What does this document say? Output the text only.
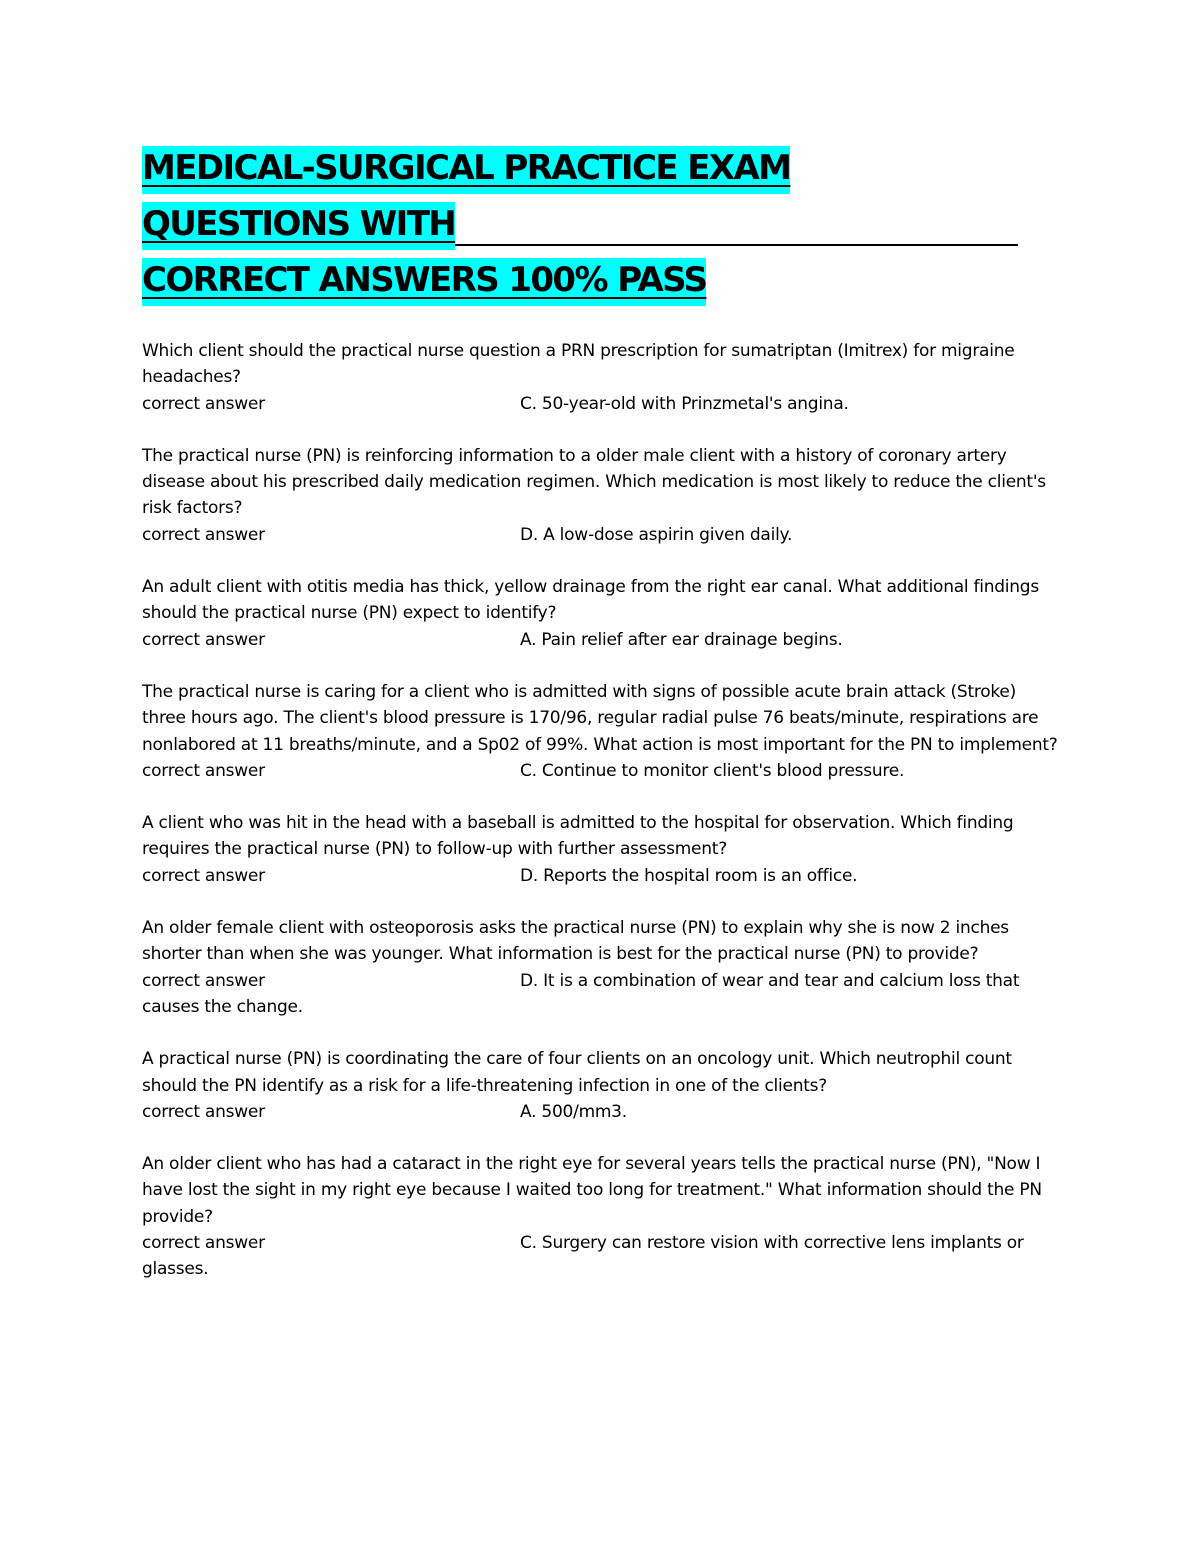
MEDICAL-SURGICAL PRACTICE EXAM
QUESTIONS WITH
CORRECT ANSWERS 100% PASS

Which client should the practical nurse question a PRN prescription for sumatriptan (Imitrex) for migraine headaches?

correct answer	C. 50-year-old with Prinzmetal's angina.

The practical nurse (PN) is reinforcing information to a older male client with a history of coronary artery disease about his prescribed daily medication regimen. Which medication is most likely to reduce the client's risk factors?

correct answer	D. A low-dose aspirin given daily.

An adult client with otitis media has thick, yellow drainage from the right ear canal. What additional findings should the practical nurse (PN) expect to identify?

correct answer	A. Pain relief after ear drainage begins.

The practical nurse is caring for a client who is admitted with signs of possible acute brain attack (Stroke) three hours ago. The client's blood pressure is 170/96, regular radial pulse 76 beats/minute, respirations are nonlabored at 11 breaths/minute, and a Sp02 of 99%. What action is most important for the PN to implement?

correct answer	C. Continue to monitor client's blood pressure.

A client who was hit in the head with a baseball is admitted to the hospital for observation. Which finding requires the practical nurse (PN) to follow-up with further assessment?

correct answer	D. Reports the hospital room is an office.

An older female client with osteoporosis asks the practical nurse (PN) to explain why she is now 2 inches shorter than when she was younger. What information is best for the practical nurse (PN) to provide?

correct answer	D. It is a combination of wear and tear and calcium loss that causes the change.

A practical nurse (PN) is coordinating the care of four clients on an oncology unit. Which neutrophil count should the PN identify as a risk for a life-threatening infection in one of the clients?

correct answer	A. 500/mm3.

An older client who has had a cataract in the right eye for several years tells the practical nurse (PN), "Now I have lost the sight in my right eye because I waited too long for treatment." What information should the PN provide?

correct answer	C. Surgery can restore vision with corrective lens implants or glasses.
